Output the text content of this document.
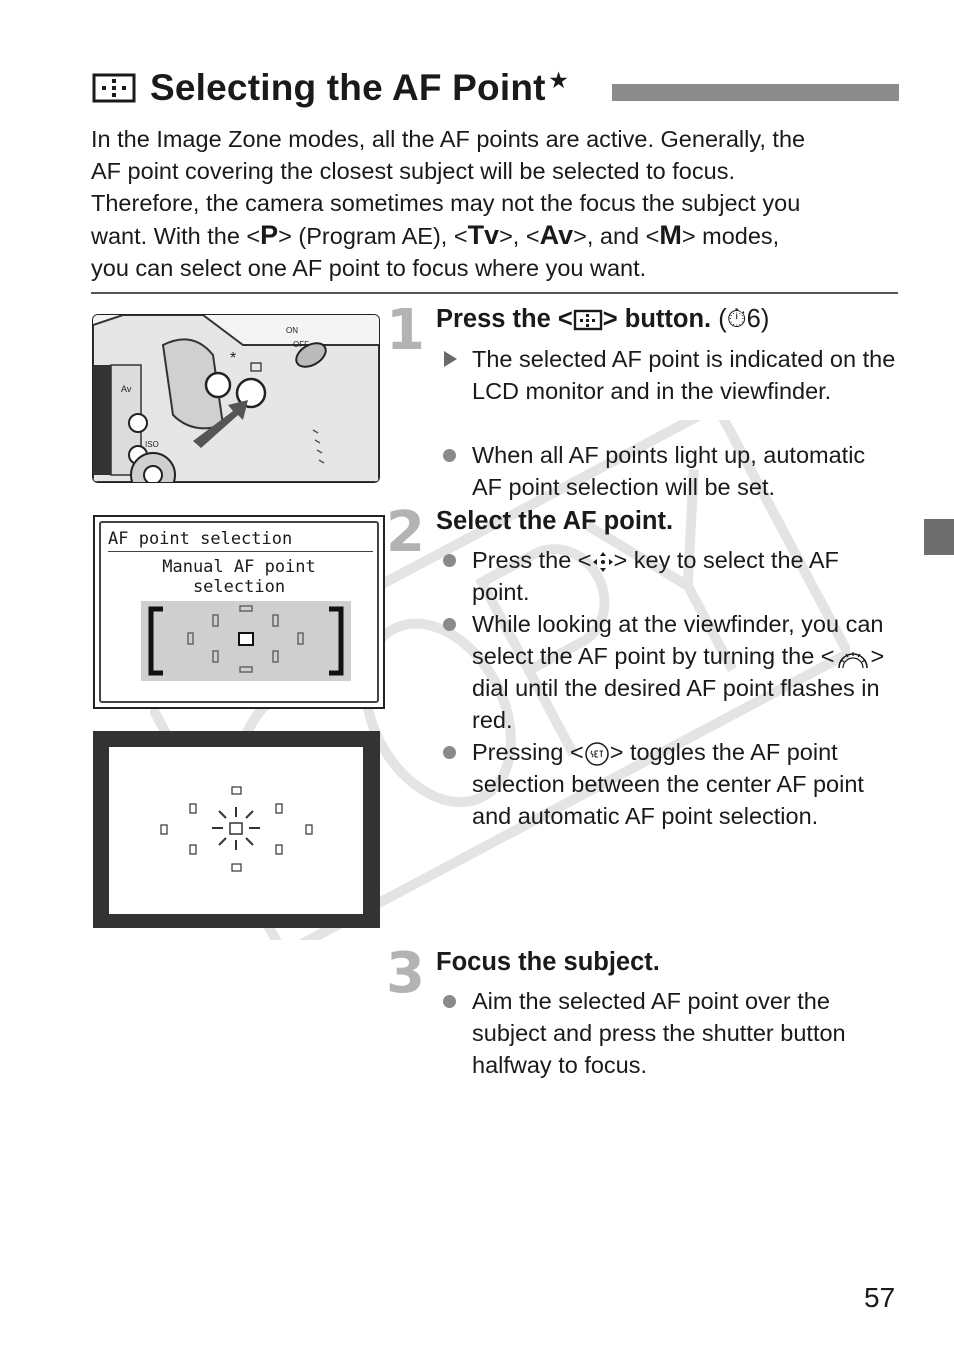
Selecting the AF Point ★
In the Image Zone modes, all the AF points are active. Generally, the
AF point covering the closest subject will be selected to focus.
Therefore, the camera sometimes may not the focus the subject you
want. With the <P> (Program AE), <Tv>, <Av>, and <M> modes,
you can select one AF point to focus where you want.
*
Av
ISO
ON
OFF
AF point selection
Manual AF point
selection
1 Press the < > button. (⏱6)
The selected AF point is indicated on the LCD monitor and in the viewfinder.
When all AF points light up, automatic AF point selection will be set.
2 Select the AF point.
Press the < > key to select the AF point.
While looking at the viewfinder, you can select the AF point by turning the < > dial until the desired AF point flashes in red.
Pressing < > toggles the AF point selection between the center AF point and automatic AF point selection.
3 Focus the subject.
Aim the selected AF point over the subject and press the shutter button halfway to focus.
57
